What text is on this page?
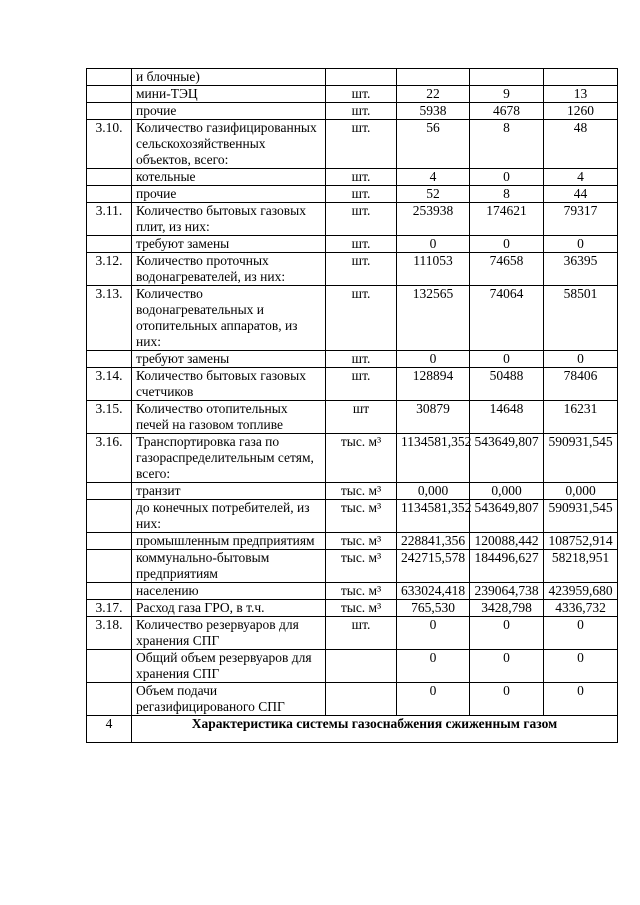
	и блочные)				
	мини-ТЭЦ	шт.	22	9	13
	прочие	шт.	5938	4678	1260
3.10.	Количество газифицированных сельскохозяйственных объектов, всего:	шт.	56	8	48
	котельные	шт.	4	0	4
	прочие	шт.	52	8	44
3.11.	Количество бытовых газовых плит, из них:	шт.	253938	174621	79317
	требуют замены	шт.	0	0	0
3.12.	Количество проточных водонагревателей, из них:	шт.	111053	74658	36395
3.13.	Количество водонагревательных и отопительных аппаратов, из них:	шт.	132565	74064	58501
	требуют замены	шт.	0	0	0
3.14.	Количество бытовых газовых счетчиков	шт.	128894	50488	78406
3.15.	Количество отопительных печей на газовом топливе	шт	30879	14648	16231
3.16.	Транспортировка газа по газораспределительным сетям, всего:	тыс. м³	1134581,352	543649,807	590931,545
	транзит	тыс. м³	0,000	0,000	0,000
	до конечных потребителей, из них:	тыс. м³	1134581,352	543649,807	590931,545
	промышленным предприятиям	тыс. м³	228841,356	120088,442	108752,914
	коммунально-бытовым предприятиям	тыс. м³	242715,578	184496,627	58218,951
	населению	тыс. м³	633024,418	239064,738	423959,680
3.17.	Расход газа ГРО, в т.ч.	тыс. м³	765,530	3428,798	4336,732
3.18.	Количество резервуаров для хранения СПГ	шт.	0	0	0
	Общий объем резервуаров для хранения СПГ		0	0	0
	Объем подачи регазифицированого СПГ		0	0	0
4	Характеристика системы газоснабжения сжиженным газом				
